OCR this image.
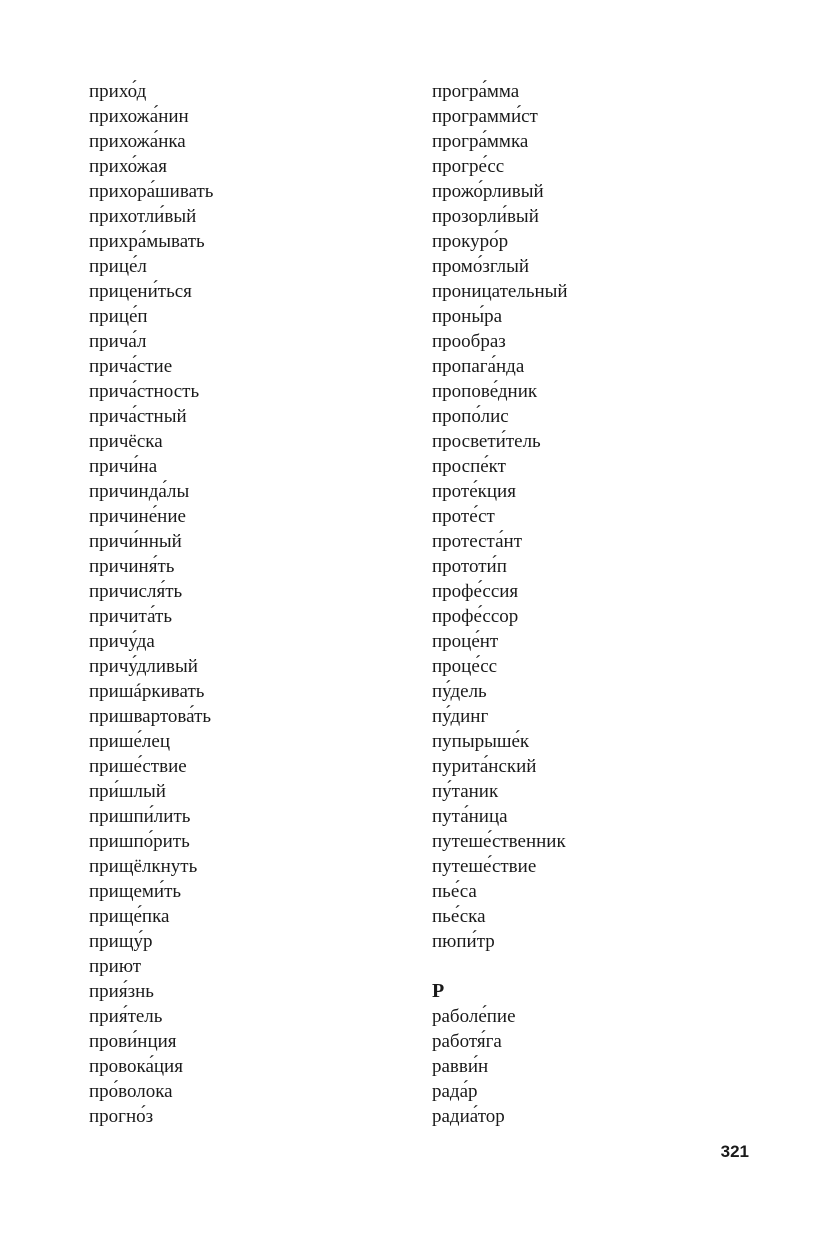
прихо́д
прихожа́нин
прихожа́нка
прихо́жая
прихора́шивать
прихотли́вый
прихра́мывать
прице́л
прицени́ться
прице́п
прича́л
прича́стие
прича́стность
прича́стный
причёска
причи́на
причинда́лы
причине́ние
причи́нный
причиня́ть
причисля́ть
причита́ть
причу́да
причу́дливый
пришáркивать
пришвартова́ть
прише́лец
прише́ствие
при́шлый
пришпи́лить
пришпо́рить
прищёлкнуть
прищеми́ть
прище́пка
прищу́р
приют
прия́знь
прия́тель
прови́нция
провока́ция
про́волока
прогно́з
програ́мма
программи́ст
програ́ммка
прогре́сс
прожо́рливый
прозорли́вый
прокуро́р
промо́зглый
проницательный
проны́ра
прообраз
пропага́нда
пропове́дник
пропо́лис
просвети́тель
проспе́кт
проте́кция
проте́ст
протеста́нт
прототи́п
профе́ссия
профе́ссор
проце́нт
проце́сс
пу́дель
пу́динг
пупырыше́к
пурита́нский
пу́таник
пута́ница
путеше́ственник
путеше́ствие
пье́са
пье́ска
пюпи́тр
Р
раболе́пие
работя́га
равви́н
рада́р
радиа́тор
321
